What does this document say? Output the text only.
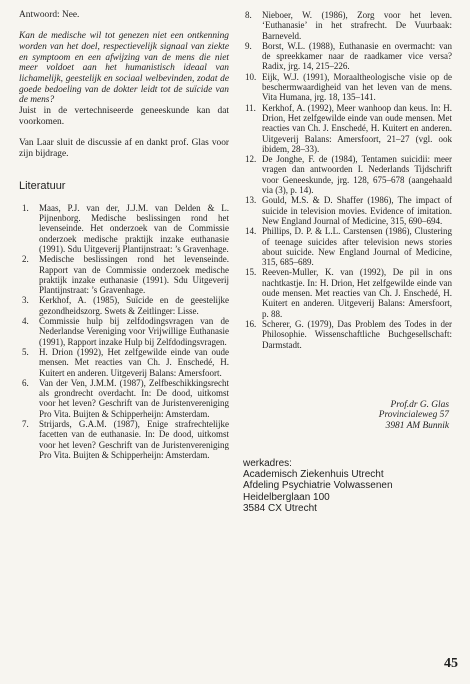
Antwoord: Nee.

Kan de medische wil tot genezen niet een ontkenning worden van het doel, respectievelijk signaal van ziekte en symptoom en een afwijzing van de mens die niet meer voldoet aan het humanistisch ideaal van lichamelijk, geestelijk en sociaal welbevinden, zodat de goede bedoeling van de dokter leidt tot de suïcide van de mens?

Juist in de vertechniseerde geneeskunde kan dat voorkomen.

Van Laar sluit de discussie af en dankt prof. Glas voor zijn bijdrage.

Literatuur
1.	Maas, P.J. van der, J.J.M. van Delden & L. Pijnenborg. Medische beslissingen rond het levenseinde. Het onderzoek van de Commissie onderzoek medische praktijk inzake euthanasie (1991). Sdu Uitgeverij Plantijnstraat: ’s Gravenhage.
2.	Medische beslissingen rond het levenseinde. Rapport van de Commissie onderzoek medische praktijk inzake euthanasie (1991). Sdu Uitgeverij Plantijnstraat: ’s Gravenhage.
3.	Kerkhof, A. (1985), Suïcide en de geestelijke gezondheidszorg. Swets & Zeitlinger: Lisse.
4.	Commissie hulp bij zelfdodingsvragen van de Nederlandse Vereniging voor Vrijwillige Euthanasie (1991), Rapport inzake Hulp bij Zelfdodingsvragen.
5.	H. Drion (1992), Het zelfgewilde einde van oude mensen. Met reacties van Ch. J. Enschedé, H. Kuitert en anderen. Uitgeverij Balans: Amersfoort.
6.	Van der Ven, J.M.M. (1987), Zelfbeschikkingsrecht als grondrecht overdacht. In: De dood, uitkomst voor het leven? Geschrift van de Juristenvereniging Pro Vita. Buijten & Schipperheijn: Amsterdam.
7.	Strijards, G.A.M. (1987), Enige strafrechtelijke facetten van de euthanasie. In: De dood, uitkomst voor het leven? Geschrift van de Juristenvereniging Pro Vita. Buijten & Schipperheijn: Amsterdam.
8.	Nieboer, W. (1986), Zorg voor het leven. ‘Euthanasie’ in het strafrecht. De Vuurbaak: Barneveld.
9.	Borst, W.L. (1988), Euthanasie en overmacht: van de spreekkamer naar de raadkamer vice versa? Radix, jrg. 14, 215–226.
10. Eijk, W.J. (1991), Moraaltheologische visie op de beschermwaardigheid van het leven van de mens. Vita Humana, jrg. 18, 135–141.
11. Kerkhof, A. (1992), Meer wanhoop dan keus. In: H. Drion, Het zelfgewilde einde van oude mensen. Met reacties van Ch. J. Enschedé, H. Kuitert en anderen. Uitgeverij Balans: Amersfoort, 21–27 (vgl. ook ibidem, 28–33).
12. De Jonghe, F. de (1984), Tentamen suicidii: meer vragen dan antwoorden I. Nederlands Tijdschrift voor Geneeskunde, jrg. 128, 675–678 (aangehaald via (3), p. 14).
13. Gould, M.S. & D. Shaffer (1986), The impact of suicide in television movies. Evidence of imitation. New England Journal of Medicine, 315, 690–694.
14. Phillips, D. P. & L.L. Carstensen (1986), Clustering of teenage suicides after television news stories about suicide. New England Journal of Medicine, 315, 685–689.
15. Reeven-Muller, K. van (1992), De pil in ons nachtkastje. In: H. Drion, Het zelfgewilde einde van oude mensen. Met reacties van Ch. J. Enschedé, H. Kuitert en anderen. Uitgeverij Balans: Amersfoort, p. 88.
16. Scherer, G. (1979), Das Problem des Todes in der Philosophie. Wissenschaftliche Buchgesellschaft: Darmstadt.
Prof.dr G. Glas
Provincialeweg 57
3981 AM Bunnik
werkadres:
Academisch Ziekenhuis Utrecht
Afdeling Psychiatrie Volwassenen
Heidelberglaan 100
3584 CX Utrecht
45
